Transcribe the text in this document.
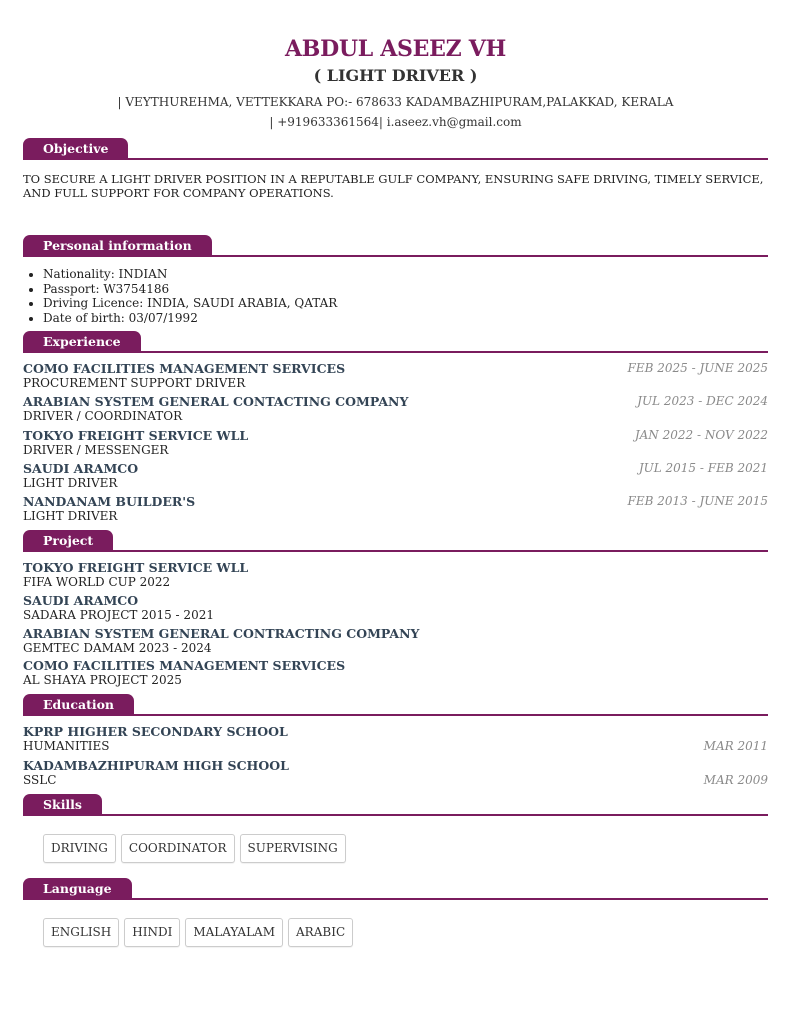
ABDUL ASEEZ VH
( LIGHT DRIVER )
| VEYTHUREHMA, VETTEKKARA PO:- 678633 KADAMBAZHIPURAM,PALAKKAD, KERALA
| +919633361564| i.aseez.vh@gmail.com
Objective
TO SECURE A LIGHT DRIVER POSITION IN A REPUTABLE GULF COMPANY, ENSURING SAFE DRIVING, TIMELY SERVICE, AND FULL SUPPORT FOR COMPANY OPERATIONS.
Personal information
• Nationality: INDIAN
• Passport: W3754186
• Driving Licence: INDIA, SAUDI ARABIA, QATAR
• Date of birth: 03/07/1992
Experience
COMO FACILITIES MANAGEMENT SERVICES
PROCUREMENT SUPPORT DRIVER
FEB 2025 - JUNE 2025
ARABIAN SYSTEM GENERAL CONTACTING COMPANY
DRIVER / COORDINATOR
JUL 2023 - DEC 2024
TOKYO FREIGHT SERVICE WLL
DRIVER / MESSENGER
JAN 2022 - NOV 2022
SAUDI ARAMCO
LIGHT DRIVER
JUL 2015 - FEB 2021
NANDANAM BUILDER'S
LIGHT DRIVER
FEB 2013 - JUNE 2015
Project
TOKYO FREIGHT SERVICE WLL
FIFA WORLD CUP 2022
SAUDI ARAMCO
SADARA PROJECT 2015 - 2021
ARABIAN SYSTEM GENERAL CONTRACTING COMPANY
GEMTEC DAMAM 2023 - 2024
COMO FACILITIES MANAGEMENT SERVICES
AL SHAYA PROJECT 2025
Education
KPRP HIGHER SECONDARY SCHOOL
HUMANITIES	MAR 2011
KADAMBAZHIPURAM HIGH SCHOOL
SSLC	MAR 2009
Skills
DRIVING	COORDINATOR	SUPERVISING
Language
ENGLISH	HINDI	MALAYALAM	ARABIC
